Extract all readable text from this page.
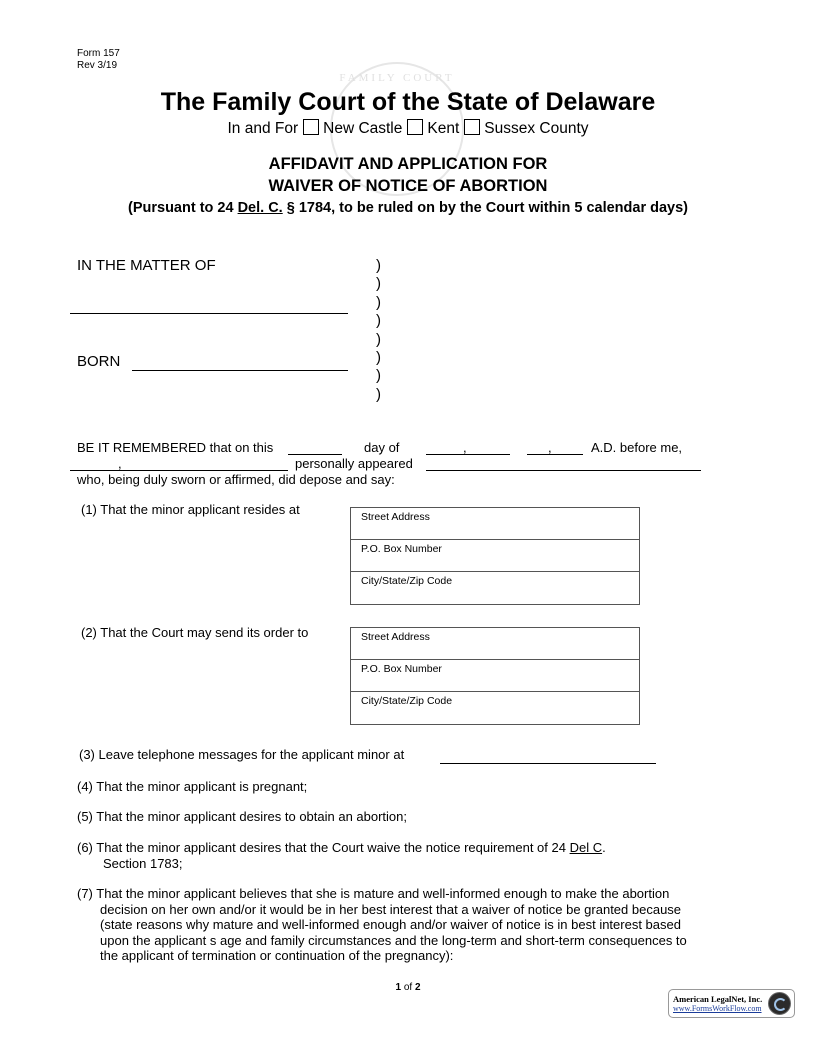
Form 157
Rev 3/19
FAMILY COURT
The Family Court of the State of Delaware
In and For New Castle Kent Sussex County
AFFIDAVIT AND APPLICATION FOR
WAIVER OF NOTICE OF ABORTION
(Pursuant to 24 Del. C. § 1784, to be ruled on by the Court within 5 calendar days)
IN THE MATTER OF
BORN
)
)
)
)
)
)
)
)
BE IT REMEMBERED that on this	day of	,	,	A.D. before me,
,	personally appeared
who, being duly sworn or affirmed, did depose and say:
(1) That the minor applicant resides at	Street Address
P.O. Box Number
City/State/Zip Code
(2) That the Court may send its order to	Street Address
P.O. Box Number
City/State/Zip Code
(3) Leave telephone messages for the applicant minor at
(4) That the minor applicant is pregnant;
(5) That the minor applicant desires to obtain an abortion;
(6) That the minor applicant desires that the Court waive the notice requirement of 24 Del C.
Section 1783;
(7) That the minor applicant believes that she is mature and well-informed enough to make the abortion
decision on her own and/or it would be in her best interest that a waiver of notice be granted because
(state reasons why mature and well-informed enough and/or waiver of notice is in best interest based
upon the applicant s age and family circumstances and the long-term and short-term consequences to
the applicant of termination or continuation of the pregnancy):
1 of 2
American LegalNet, Inc.
www.FormsWorkFlow.com
